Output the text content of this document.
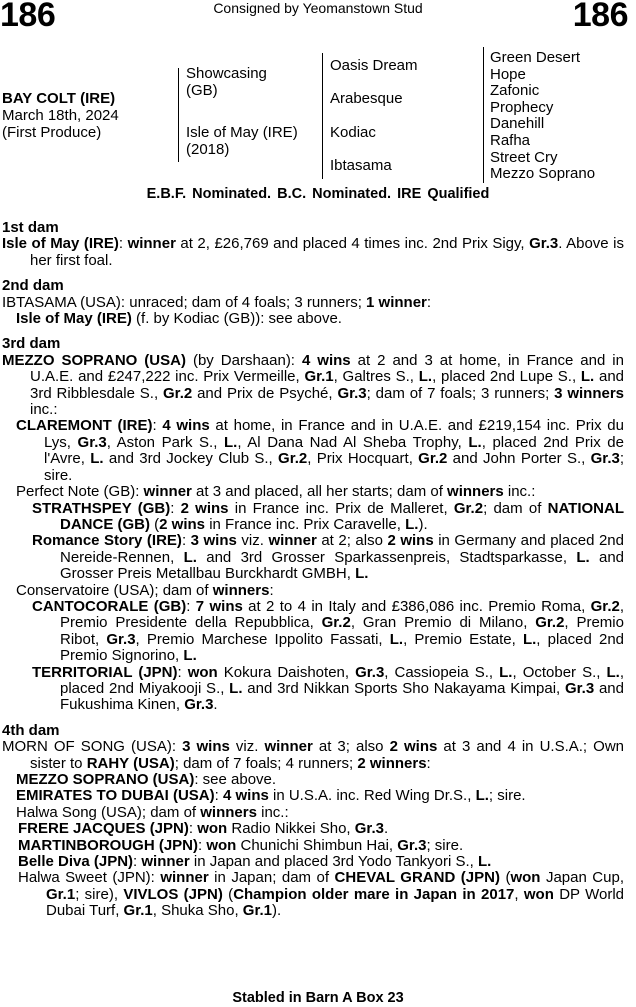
186	Consigned by Yeomanstown Stud	186
BAY COLT (IRE)
March 18th, 2024
(First Produce)
Showcasing
(GB)
Isle of May (IRE)
(2018)
Oasis Dream
Arabesque
Kodiac
Ibtasama
Green Desert
Hope
Zafonic
Prophecy
Danehill
Rafha
Street Cry
Mezzo Soprano
E.B.F. Nominated. B.C. Nominated. IRE Qualified
1st dam
Isle of May (IRE): winner at 2, £26,769 and placed 4 times inc. 2nd Prix Sigy, Gr.3. Above is her first foal.
2nd dam
IBTASAMA (USA): unraced; dam of 4 foals; 3 runners; 1 winner:
Isle of May (IRE) (f. by Kodiac (GB)): see above.
3rd dam
MEZZO SOPRANO (USA) (by Darshaan): 4 wins at 2 and 3 at home, in France and in U.A.E. and £247,222 inc. Prix Vermeille, Gr.1, Galtres S., L., placed 2nd Lupe S., L. and 3rd Ribblesdale S., Gr.2 and Prix de Psyché, Gr.3; dam of 7 foals; 3 runners; 3 winners inc.:
CLAREMONT (IRE): 4 wins at home, in France and in U.A.E. and £219,154 inc. Prix du Lys, Gr.3, Aston Park S., L., Al Dana Nad Al Sheba Trophy, L., placed 2nd Prix de l'Avre, L. and 3rd Jockey Club S., Gr.2, Prix Hocquart, Gr.2 and John Porter S., Gr.3; sire.
Perfect Note (GB): winner at 3 and placed, all her starts; dam of winners inc.:
STRATHSPEY (GB): 2 wins in France inc. Prix de Malleret, Gr.2; dam of NATIONAL DANCE (GB) (2 wins in France inc. Prix Caravelle, L.).
Romance Story (IRE): 3 wins viz. winner at 2; also 2 wins in Germany and placed 2nd Nereide-Rennen, L. and 3rd Grosser Sparkassenpreis, Stadtsparkasse, L. and Grosser Preis Metallbau Burckhardt GMBH, L.
Conservatoire (USA); dam of winners:
CANTOCORALE (GB): 7 wins at 2 to 4 in Italy and £386,086 inc. Premio Roma, Gr.2, Premio Presidente della Repubblica, Gr.2, Gran Premio di Milano, Gr.2, Premio Ribot, Gr.3, Premio Marchese Ippolito Fassati, L., Premio Estate, L., placed 2nd Premio Signorino, L.
TERRITORIAL (JPN): won Kokura Daishoten, Gr.3, Cassiopeia S., L., October S., L., placed 2nd Miyakooji S., L. and 3rd Nikkan Sports Sho Nakayama Kimpai, Gr.3 and Fukushima Kinen, Gr.3.
4th dam
MORN OF SONG (USA): 3 wins viz. winner at 3; also 2 wins at 3 and 4 in U.S.A.; Own sister to RAHY (USA); dam of 7 foals; 4 runners; 2 winners:
MEZZO SOPRANO (USA): see above.
EMIRATES TO DUBAI (USA): 4 wins in U.S.A. inc. Red Wing Dr.S., L.; sire.
Halwa Song (USA); dam of winners inc.:
FRERE JACQUES (JPN): won Radio Nikkei Sho, Gr.3.
MARTINBOROUGH (JPN): won Chunichi Shimbun Hai, Gr.3; sire.
Belle Diva (JPN): winner in Japan and placed 3rd Yodo Tankyori S., L.
Halwa Sweet (JPN): winner in Japan; dam of CHEVAL GRAND (JPN) (won Japan Cup, Gr.1; sire), VIVLOS (JPN) (Champion older mare in Japan in 2017, won DP World Dubai Turf, Gr.1, Shuka Sho, Gr.1).
Stabled in Barn A Box 23
